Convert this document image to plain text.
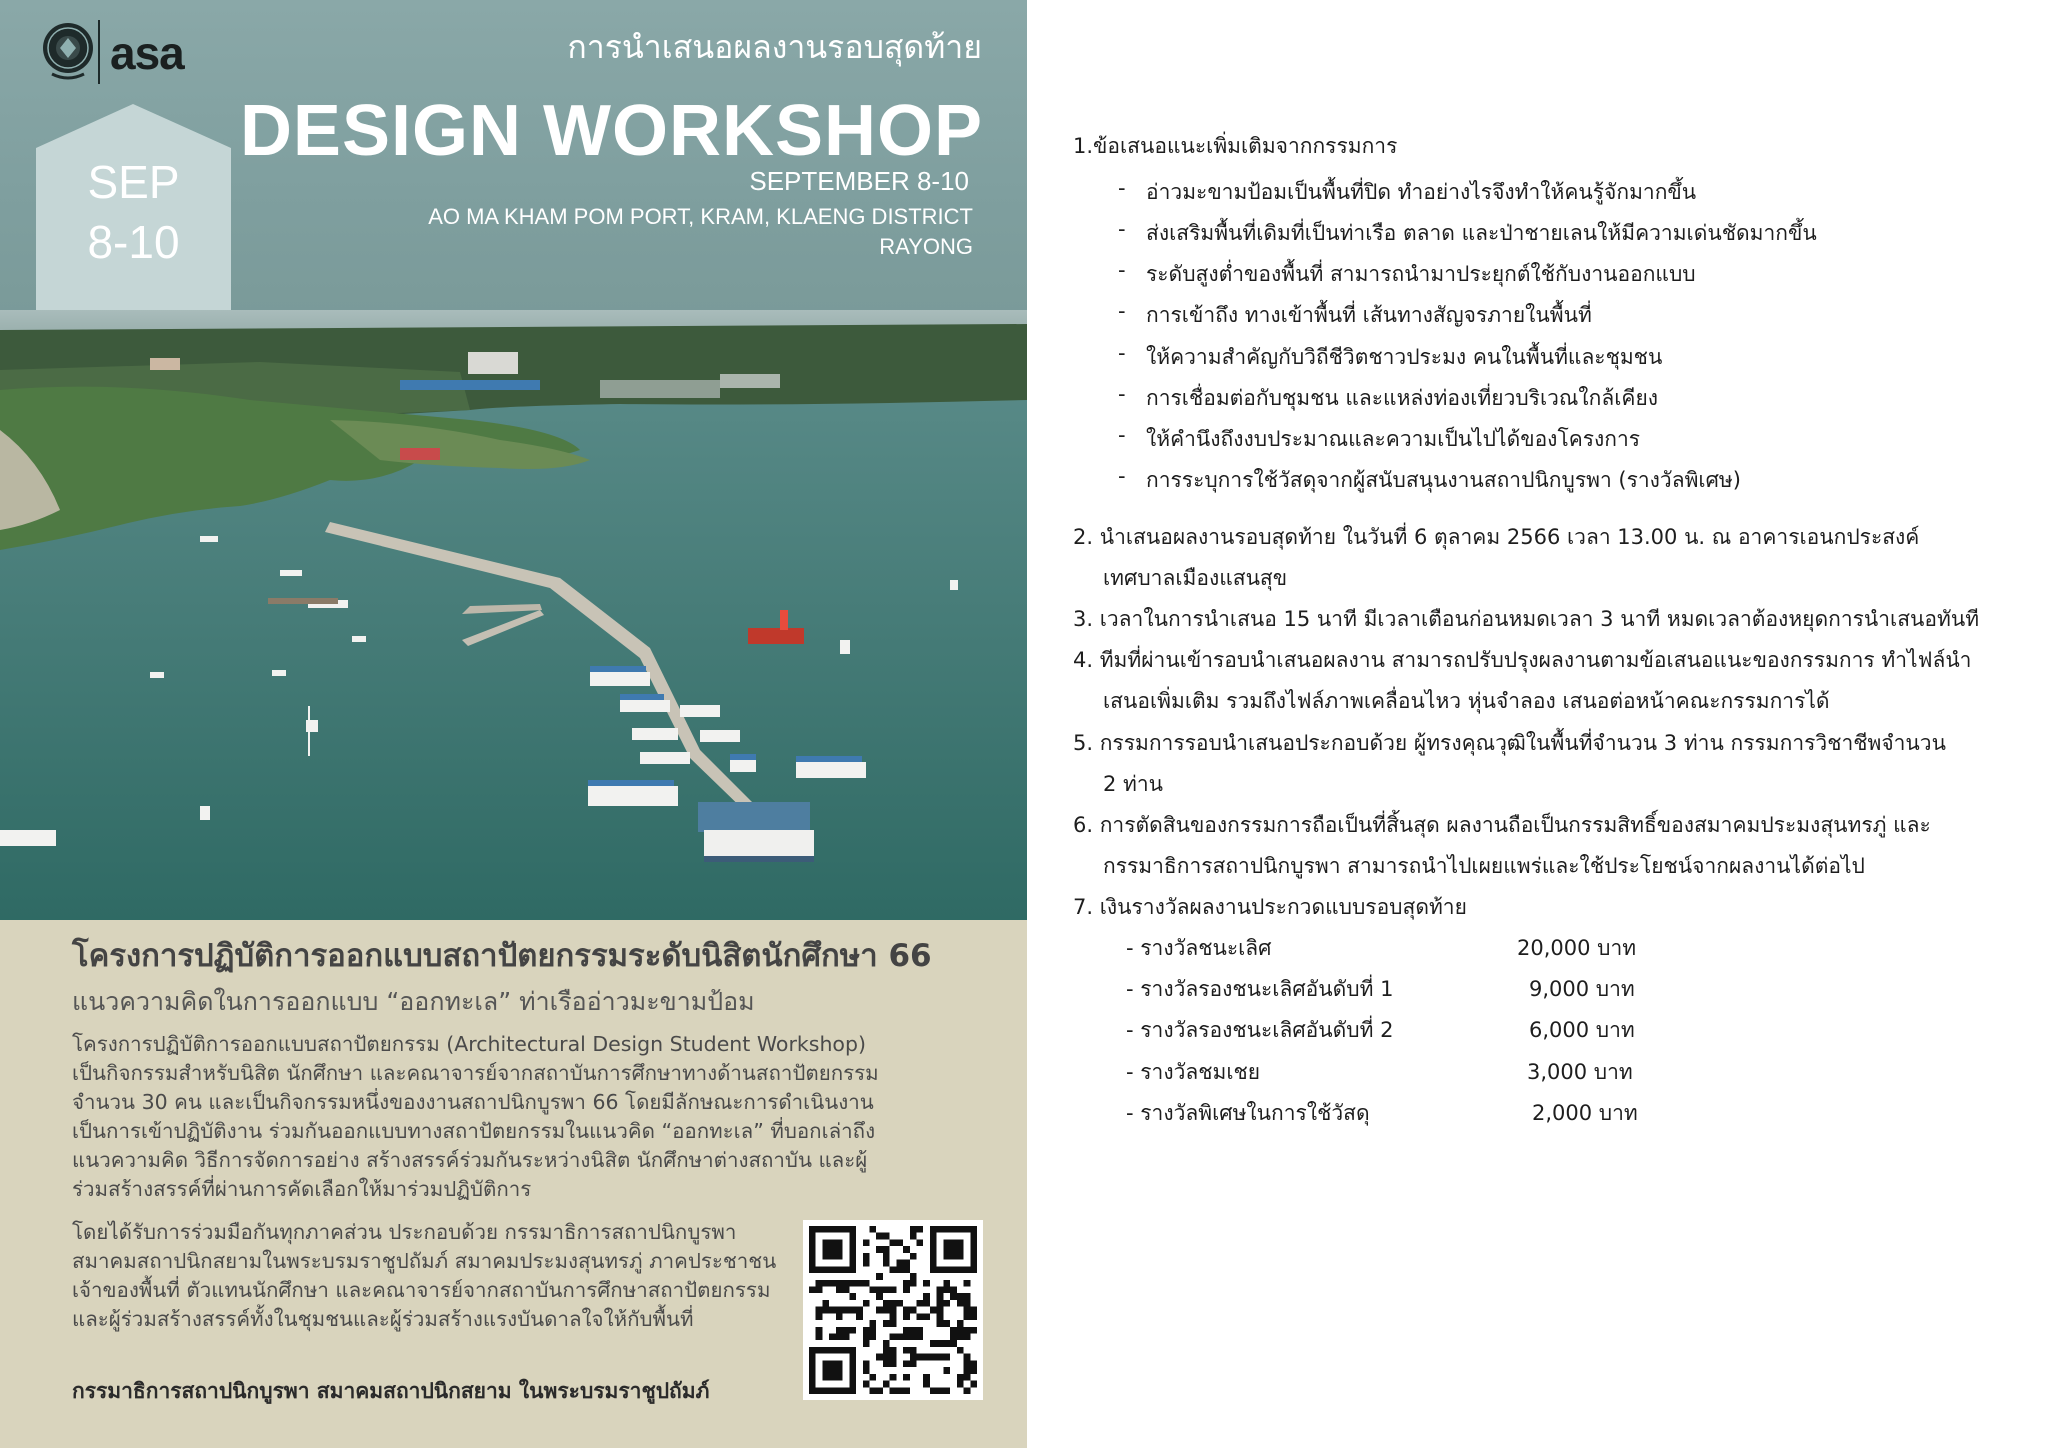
asa	การนำเสนอผลงานรอบสุดท้าย
DESIGN WORKSHOP
SEPTEMBER 8-10
AO MA KHAM POM PORT, KRAM, KLAENG DISTRICT
RAYONG
SEP
8-10
โครงการปฏิบัติการออกแบบสถาปัตยกรรมระดับนิสิตนักศึกษา 66
แนวความคิดในการออกแบบ “ออกทะเล” ท่าเรืออ่าวมะขามป้อม
โครงการปฏิบัติการออกแบบสถาปัตยกรรม (Architectural Design Student Workshop)
เป็นกิจกรรมสำหรับนิสิต นักศึกษา และคณาจารย์จากสถาบันการศึกษาทางด้านสถาปัตยกรรม
จำนวน 30 คน และเป็นกิจกรรมหนึ่งของงานสถาปนิกบูรพา 66 โดยมีลักษณะการดำเนินงาน
เป็นการเข้าปฏิบัติงาน ร่วมกันออกแบบทางสถาปัตยกรรมในแนวคิด “ออกทะเล” ที่บอกเล่าถึง
แนวความคิด วิธีการจัดการอย่าง สร้างสรรค์ร่วมกันระหว่างนิสิต นักศึกษาต่างสถาบัน และผู้
ร่วมสร้างสรรค์ที่ผ่านการคัดเลือกให้มาร่วมปฏิบัติการ
โดยได้รับการร่วมมือกันทุกภาคส่วน ประกอบด้วย กรรมาธิการสถาปนิกบูรพา
สมาคมสถาปนิกสยามในพระบรมราชูปถัมภ์ สมาคมประมงสุนทรภู่ ภาคประชาชน
เจ้าของพื้นที่ ตัวแทนนักศึกษา และคณาจารย์จากสถาบันการศึกษาสถาปัตยกรรม
และผู้ร่วมสร้างสรรค์ทั้งในชุมชนและผู้ร่วมสร้างแรงบันดาลใจให้กับพื้นที่
กรรมาธิการสถาปนิกบูรพา สมาคมสถาปนิกสยาม ในพระบรมราชูปถัมภ์
1.ข้อเสนอแนะเพิ่มเติมจากกรรมการ
- อ่าวมะขามป้อมเป็นพื้นที่ปิด ทำอย่างไรจึงทำให้คนรู้จักมากขึ้น
- ส่งเสริมพื้นที่เดิมที่เป็นท่าเรือ ตลาด และป่าชายเลนให้มีความเด่นชัดมากขึ้น
- ระดับสูงต่ำของพื้นที่ สามารถนำมาประยุกต์ใช้กับงานออกแบบ
- การเข้าถึง ทางเข้าพื้นที่ เส้นทางสัญจรภายในพื้นที่
- ให้ความสำคัญกับวิถีชีวิตชาวประมง คนในพื้นที่และชุมชน
- การเชื่อมต่อกับชุมชน และแหล่งท่องเที่ยวบริเวณใกล้เคียง
- ให้คำนึงถึงงบประมาณและความเป็นไปได้ของโครงการ
- การระบุการใช้วัสดุจากผู้สนับสนุนงานสถาปนิกบูรพา (รางวัลพิเศษ)
2. นำเสนอผลงานรอบสุดท้าย ในวันที่ 6 ตุลาคม 2566 เวลา 13.00 น. ณ อาคารเอนกประสงค์
เทศบาลเมืองแสนสุข
3. เวลาในการนำเสนอ 15 นาที มีเวลาเตือนก่อนหมดเวลา 3 นาที หมดเวลาต้องหยุดการนำเสนอทันที
4. ทีมที่ผ่านเข้ารอบนำเสนอผลงาน สามารถปรับปรุงผลงานตามข้อเสนอแนะของกรรมการ ทำไฟล์นำ
เสนอเพิ่มเติม รวมถึงไฟล์ภาพเคลื่อนไหว หุ่นจำลอง เสนอต่อหน้าคณะกรรมการได้
5. กรรมการรอบนำเสนอประกอบด้วย ผู้ทรงคุณวุฒิในพื้นที่จำนวน 3 ท่าน กรรมการวิชาชีพจำนวน
2 ท่าน
6. การตัดสินของกรรมการถือเป็นที่สิ้นสุด ผลงานถือเป็นกรรมสิทธิ์ของสมาคมประมงสุนทรภู่ และ
กรรมาธิการสถาปนิกบูรพา สามารถนำไปเผยแพร่และใช้ประโยชน์จากผลงานได้ต่อไป
7. เงินรางวัลผลงานประกวดแบบรอบสุดท้าย
- รางวัลชนะเลิศ	20,000 บาท
- รางวัลรองชนะเลิศอันดับที่ 1	9,000 บาท
- รางวัลรองชนะเลิศอันดับที่ 2	6,000 บาท
- รางวัลชมเชย	3,000 บาท
- รางวัลพิเศษในการใช้วัสดุ	2,000 บาท
